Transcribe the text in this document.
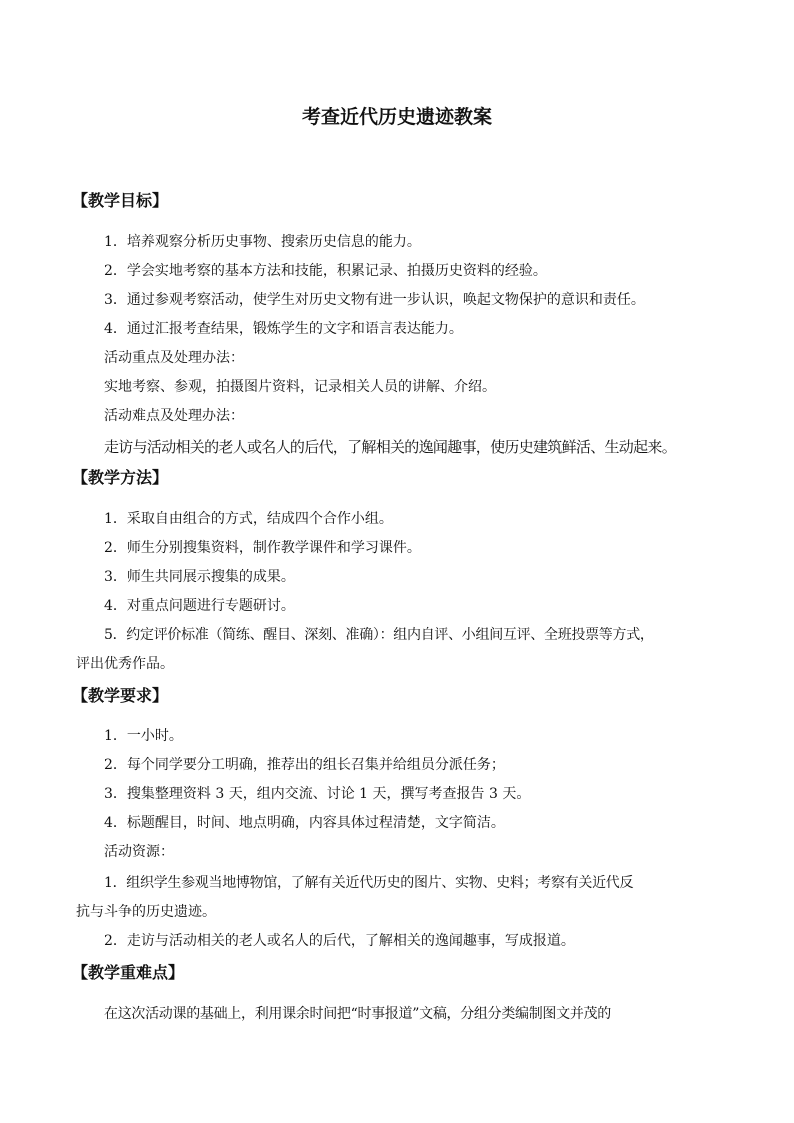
考查近代历史遗迹教案
【教学目标】
1．培养观察分析历史事物、搜索历史信息的能力。
2．学会实地考察的基本方法和技能，积累记录、拍摄历史资料的经验。
3．通过参观考察活动，使学生对历史文物有进一步认识，唤起文物保护的意识和责任。
4．通过汇报考查结果，锻炼学生的文字和语言表达能力。
活动重点及处理办法：
实地考察、参观，拍摄图片资料，记录相关人员的讲解、介绍。
活动难点及处理办法：
走访与活动相关的老人或名人的后代，了解相关的逸闻趣事，使历史建筑鲜活、生动起来。
【教学方法】
1．采取自由组合的方式，结成四个合作小组。
2．师生分别搜集资料，制作教学课件和学习课件。
3．师生共同展示搜集的成果。
4．对重点问题进行专题研讨。
5．约定评价标准（简练、醒目、深刻、准确）：组内自评、小组间互评、全班投票等方式，
评出优秀作品。
【教学要求】
1．一小时。
2．每个同学要分工明确，推荐出的组长召集并给组员分派任务；
3．搜集整理资料 3 天，组内交流、讨论 1 天，撰写考查报告 3 天。
4．标题醒目，时间、地点明确，内容具体过程清楚，文字简洁。
活动资源：
1．组织学生参观当地博物馆，了解有关近代历史的图片、实物、史料；考察有关近代反
抗与斗争的历史遗迹。
2．走访与活动相关的老人或名人的后代，了解相关的逸闻趣事，写成报道。
【教学重难点】
在这次活动课的基础上，利用课余时间把“时事报道”文稿，分组分类编制图文并茂的
